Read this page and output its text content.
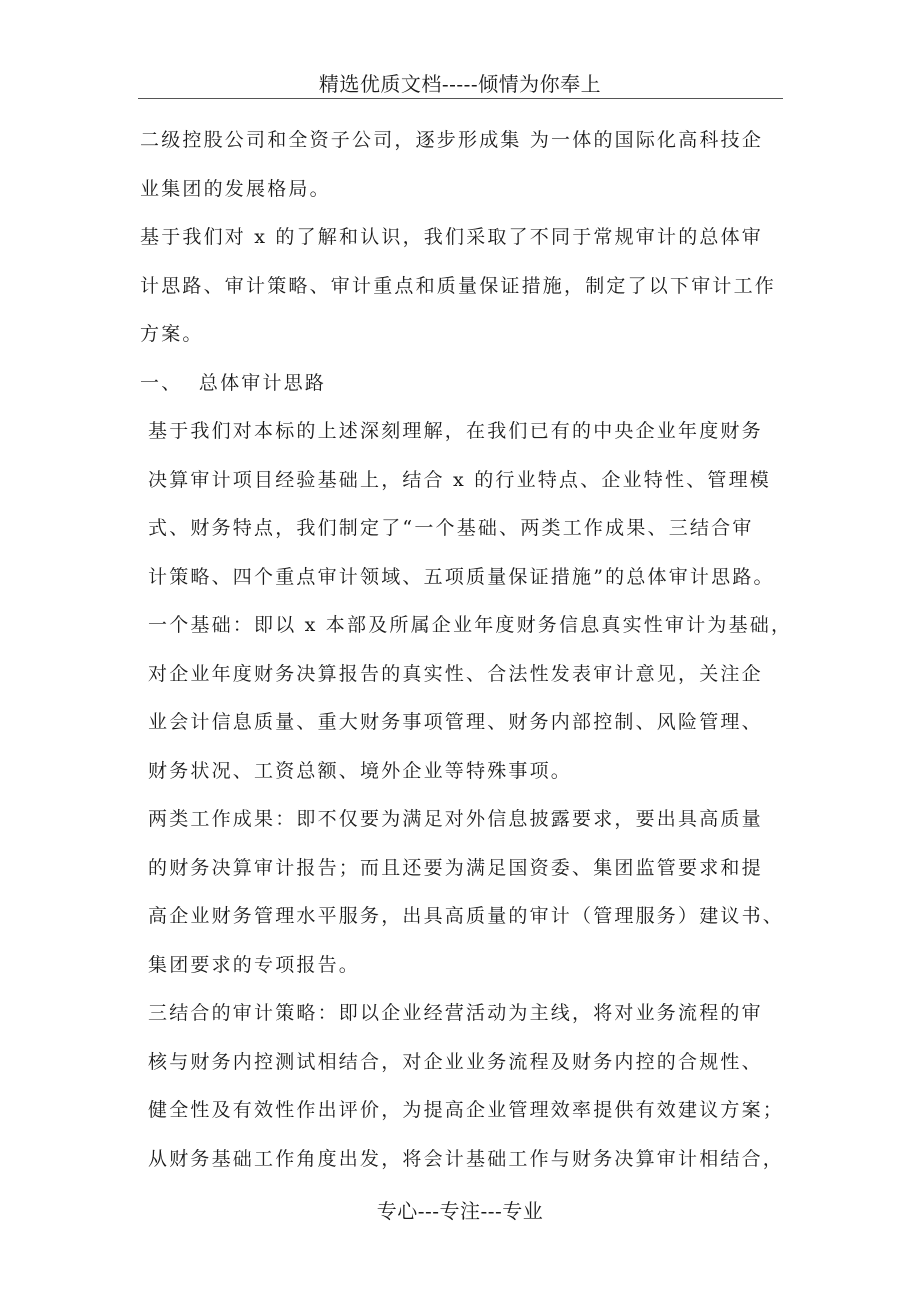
精选优质文档-----倾情为你奉上
二级控股公司和全资子公司，逐步形成集 为一体的国际化高科技企
业集团的发展格局。
基于我们对 x 的了解和认识，我们采取了不同于常规审计的总体审
计思路、审计策略、审计重点和质量保证措施，制定了以下审计工作
方案。
一、  总体审计思路
基于我们对本标的上述深刻理解，在我们已有的中央企业年度财务
决算审计项目经验基础上，结合 x 的行业特点、企业特性、管理模
式、财务特点，我们制定了“一个基础、两类工作成果、三结合审
计策略、四个重点审计领域、五项质量保证措施”的总体审计思路。
一个基础：即以 x 本部及所属企业年度财务信息真实性审计为基础，
对企业年度财务决算报告的真实性、合法性发表审计意见，关注企
业会计信息质量、重大财务事项管理、财务内部控制、风险管理、
财务状况、工资总额、境外企业等特殊事项。
两类工作成果：即不仅要为满足对外信息披露要求，要出具高质量
的财务决算审计报告；而且还要为满足国资委、集团监管要求和提
高企业财务管理水平服务，出具高质量的审计（管理服务）建议书、
集团要求的专项报告。
三结合的审计策略：即以企业经营活动为主线，将对业务流程的审
核与财务内控测试相结合，对企业业务流程及财务内控的合规性、
健全性及有效性作出评价，为提高企业管理效率提供有效建议方案；
从财务基础工作角度出发，将会计基础工作与财务决算审计相结合，
专心---专注---专业
